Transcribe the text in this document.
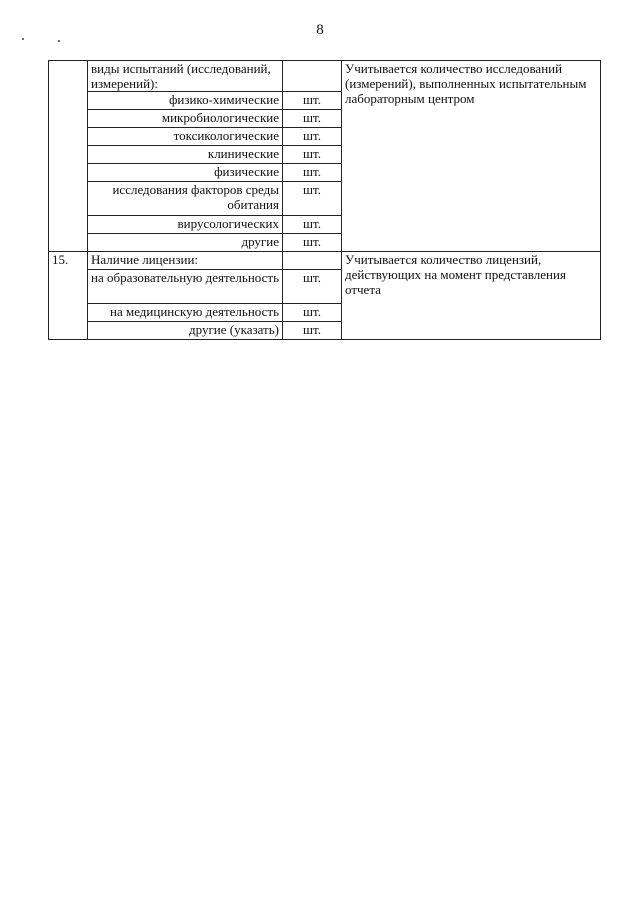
8
	виды испытаний (исследований, измерений):		Учитывается количество исследований (измерений), выполненных испытательным лабораторным центром
	физико-химические	шт.	
	микробиологические	шт.	
	токсикологические	шт.	
	клинические	шт.	
	физические	шт.	
	исследования факторов среды обитания	шт.	
	вирусологических	шт.	
	другие	шт.	
15.	Наличие лицензии:		Учитывается количество лицензий, действующих на момент представления отчета
	на образовательную деятельность	шт.	
	на медицинскую деятельность	шт.	
	другие (указать)	шт.	
